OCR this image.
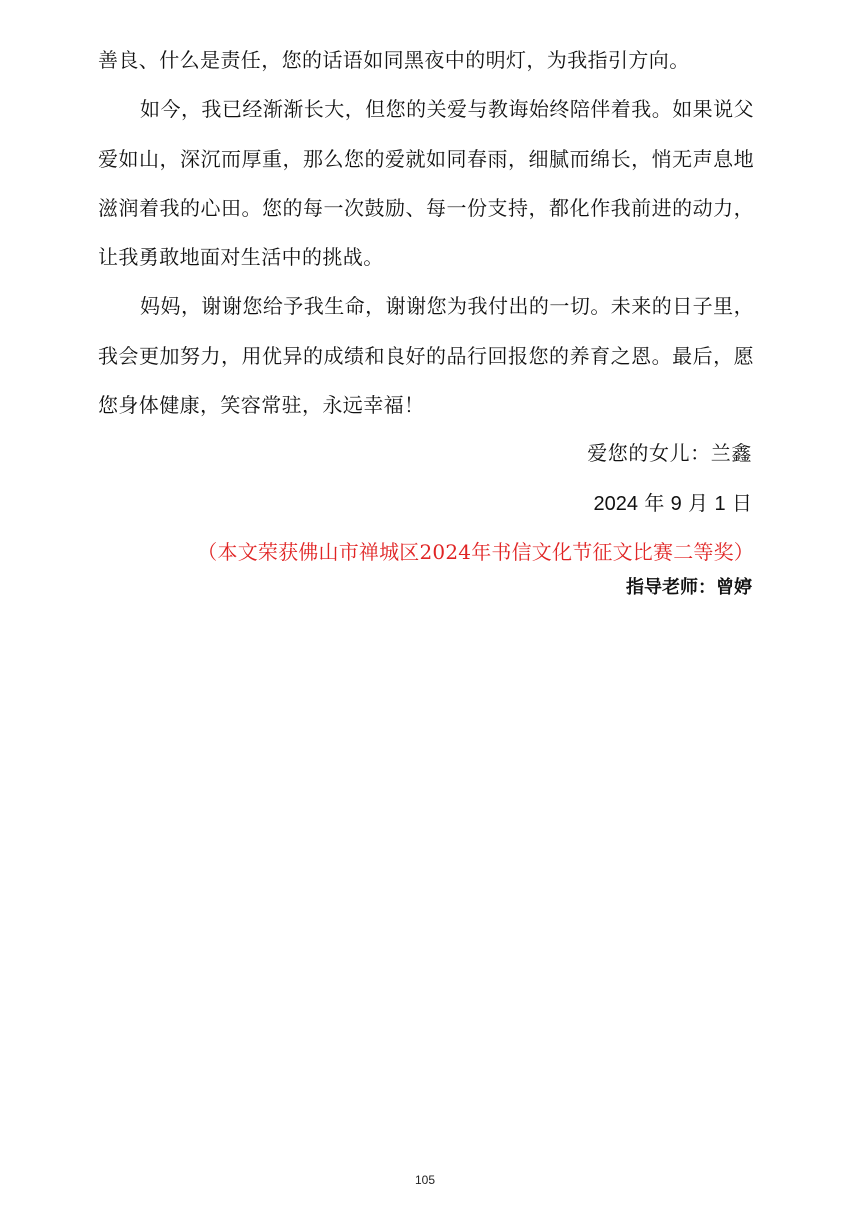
善良、什么是责任，您的话语如同黑夜中的明灯，为我指引方向。

如今，我已经渐渐长大，但您的关爱与教诲始终陪伴着我。如果说父爱如山，深沉而厚重，那么您的爱就如同春雨，细腻而绵长，悄无声息地滋润着我的心田。您的每一次鼓励、每一份支持，都化作我前进的动力，让我勇敢地面对生活中的挑战。

妈妈，谢谢您给予我生命，谢谢您为我付出的一切。未来的日子里，我会更加努力，用优异的成绩和良好的品行回报您的养育之恩。最后，愿您身体健康，笑容常驻，永远幸福！

爱您的女儿：兰鑫
2024 年 9 月 1 日
（本文荣获佛山市禅城区2024年书信文化节征文比赛二等奖）
指导老师：曾婷
105
